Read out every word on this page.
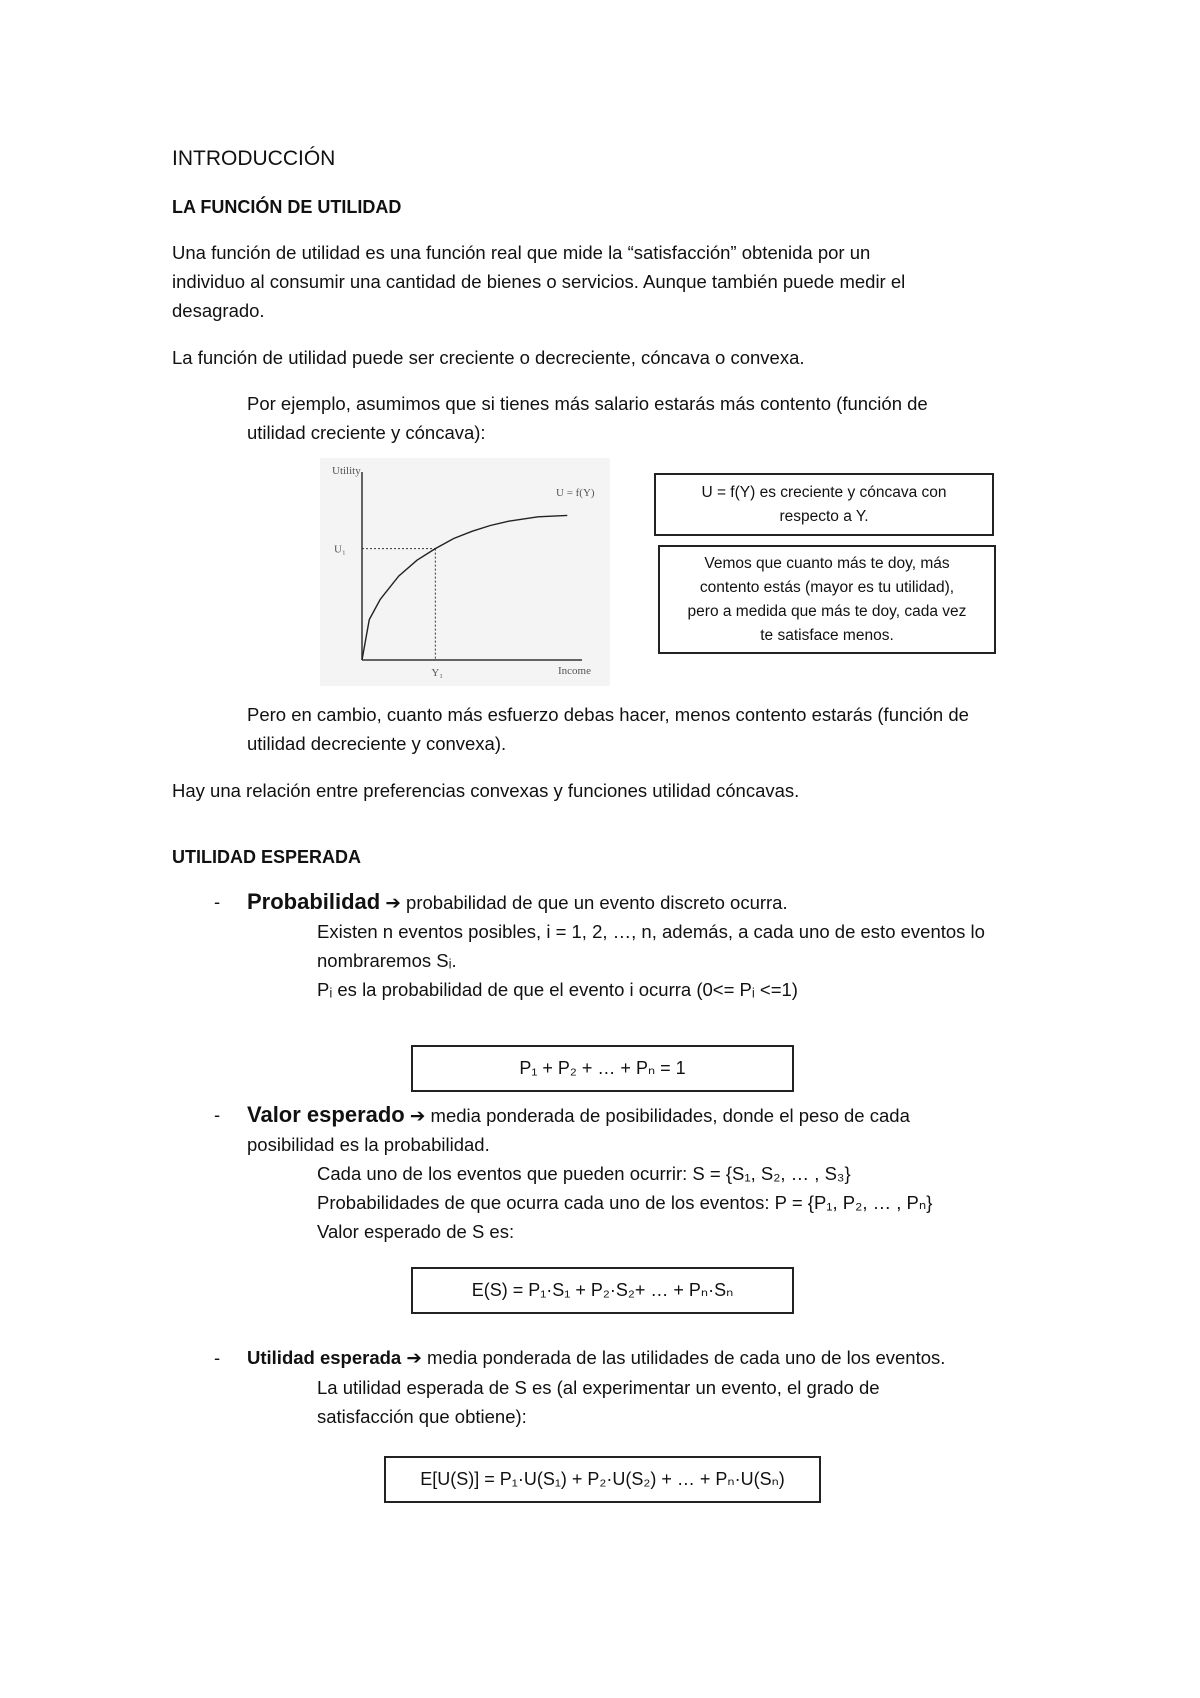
INTRODUCCIÓN
LA FUNCIÓN DE UTILIDAD
Una función de utilidad es una función real que mide la “satisfacción” obtenida por un
individuo al consumir una cantidad de bienes o servicios. Aunque también puede medir el
desagrado.
La función de utilidad puede ser creciente o decreciente, cóncava o convexa.
Por ejemplo, asumimos que si tienes más salario estarás más contento (función de
utilidad creciente y cóncava):
Utility
Income
U = f(Y)
U₁
Y₁
U = f(Y) es creciente y cóncava con
respecto a Y.
Vemos que cuanto más te doy, más
contento estás (mayor es tu utilidad),
pero a medida que más te doy, cada vez
te satisface menos.
Pero en cambio, cuanto más esfuerzo debas hacer, menos contento estarás (función de
utilidad decreciente y convexa).
Hay una relación entre preferencias convexas y funciones utilidad cóncavas.
UTILIDAD ESPERADA
- Probabilidad ➔ probabilidad de que un evento discreto ocurra.
Existen n eventos posibles, i = 1, 2, …, n, además, a cada uno de esto eventos lo
nombraremos Sᵢ.
Pᵢ es la probabilidad de que el evento i ocurra (0<= Pᵢ <=1)
P₁ + P₂ + … + Pₙ = 1
- Valor esperado ➔ media ponderada de posibilidades, donde el peso de cada
posibilidad es la probabilidad.
Cada uno de los eventos que pueden ocurrir: S = {S₁, S₂, … , S₃}
Probabilidades de que ocurra cada uno de los eventos: P = {P₁, P₂, … , Pₙ}
Valor esperado de S es:
E(S) = P₁·S₁ + P₂·S₂+ … + Pₙ·Sₙ
- Utilidad esperada ➔ media ponderada de las utilidades de cada uno de los eventos.
La utilidad esperada de S es (al experimentar un evento, el grado de
satisfacción que obtiene):
E[U(S)] = P₁·U(S₁) + P₂·U(S₂) + … + Pₙ·U(Sₙ)
